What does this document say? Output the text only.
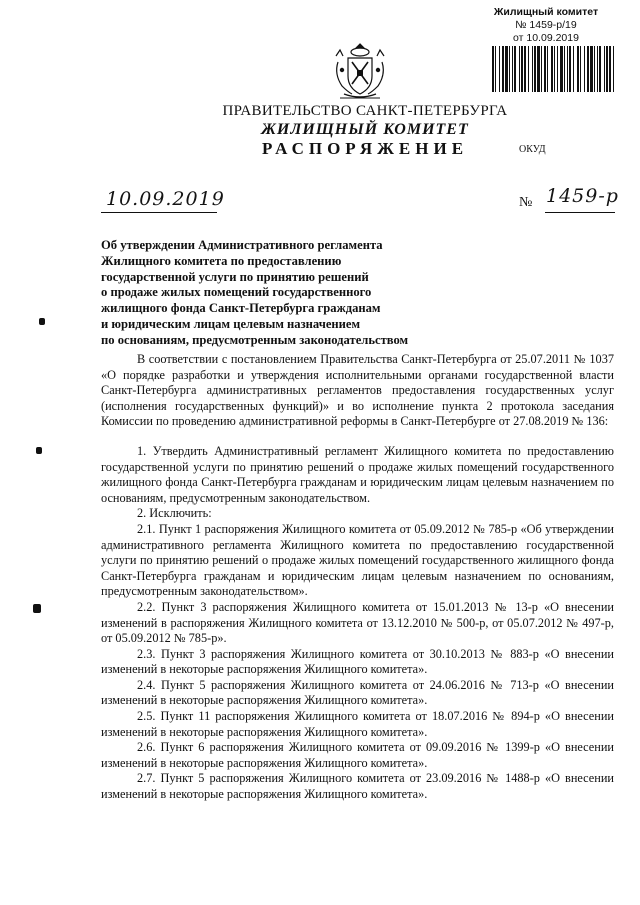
Жилищный комитет
№ 1459-р/19
от 10.09.2019
ПРАВИТЕЛЬСТВО САНКТ-ПЕТЕРБУРГА
ЖИЛИЩНЫЙ КОМИТЕТ
РАСПОРЯЖЕНИЕ	ОКУД
10.09.2019	№ 1459-р
Об утверждении Административного регламента
Жилищного комитета по предоставлению
государственной услуги по принятию решений
о продаже жилых помещений государственного
жилищного фонда Санкт-Петербурга гражданам
и юридическим лицам целевым назначением
по основаниям, предусмотренным законодательством

В соответствии с постановлением Правительства Санкт-Петербурга от 25.07.2011 № 1037 «О порядке разработки и утверждения исполнительными органами государственной власти Санкт-Петербурга административных регламентов предоставления государственных услуг (исполнения государственных функций)» и во исполнение пункта 2 протокола заседания Комиссии по проведению административной реформы в Санкт-Петербурге от 27.08.2019 № 136:

1. Утвердить Административный регламент Жилищного комитета по предоставлению государственной услуги по принятию решений о продаже жилых помещений государственного жилищного фонда Санкт-Петербурга гражданам и юридическим лицам целевым назначением по основаниям, предусмотренным законодательством.

2. Исключить:

2.1. Пункт 1 распоряжения Жилищного комитета от 05.09.2012 № 785-р «Об утверждении административного регламента Жилищного комитета по предоставлению государственной услуги по принятию решений о продаже жилых помещений государственного жилищного фонда Санкт-Петербурга гражданам и юридическим лицам целевым назначением по основаниям, предусмотренным законодательством».

2.2. Пункт 3 распоряжения Жилищного комитета от 15.01.2013 № 13-р «О внесении изменений в распоряжения Жилищного комитета от 13.12.2010 № 500-р, от 05.07.2012 № 497-р, от 05.09.2012 № 785-р».

2.3. Пункт 3 распоряжения Жилищного комитета от 30.10.2013 № 883-р «О внесении изменений в некоторые распоряжения Жилищного комитета».

2.4. Пункт 5 распоряжения Жилищного комитета от 24.06.2016 № 713-р «О внесении изменений в некоторые распоряжения Жилищного комитета».

2.5. Пункт 11 распоряжения Жилищного комитета от 18.07.2016 № 894-р «О внесении изменений в некоторые распоряжения Жилищного комитета».

2.6. Пункт 6 распоряжения Жилищного комитета от 09.09.2016 № 1399-р «О внесении изменений в некоторые распоряжения Жилищного комитета».

2.7. Пункт 5 распоряжения Жилищного комитета от 23.09.2016 № 1488-р «О внесении изменений в некоторые распоряжения Жилищного комитета».
